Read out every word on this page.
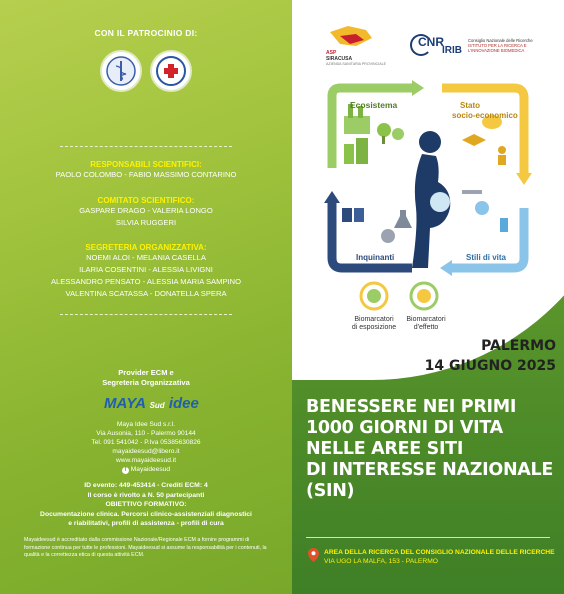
CON IL PATROCINIO DI:
RESPONSABILI SCIENTIFICI:
PAOLO COLOMBO - FABIO MASSIMO CONTARINO
COMITATO SCIENTIFICO:
GASPARE DRAGO - VALERIA LONGO
SILVIA RUGGERI
SEGRETERIA ORGANIZZATIVA:
NOEMI ALOI - MELANIA CASELLA
ILARIA COSENTINI - ALESSIA LIVIGNI
ALESSANDRO PENSATO - ALESSIA MARIA SAMPINO
VALENTINA SCATASSA - DONATELLA SPERA
Provider ECM e
Segreteria Organizzativa
MAYA Sud idee
Maya Idee Sud s.r.l.
Via Ausonia, 110 - Palermo 90144
Tel. 091 541042 - P.Iva 05385630826
mayaideesud@libero.it
www.mayaideesud.it
f Mayaideesud
ID evento: 449-453414 - Crediti ECM: 4
Il corso è rivolto a N. 50 partecipanti
OBIETTIVO FORMATIVO:
Documentazione clinica. Percorsi clinico-assistenziali diagnostici
e riabilitativi, profili di assistenza - profili di cura
Mayaideesud è accreditato dalla commissione Nazionale/Regionale ECM a fornire programmi di formazione continua per tutte le professioni. Mayaideesud si assume la responsabilità per i contenuti, la qualità e la correttezza etica di questa attività ECM.
ASP
SIRACUSA
AZIENDA SANITARIA PROVINCIALE
CNR
IRIB
Consiglio Nazionale delle Ricerche
ISTITUTO PER LA RICERCA E
L'INNOVAZIONE BIOMEDICA
Ecosistema	Stato
socio-economico
Inquinanti	Stili di vita
Biomarcatori
di esposizione
Biomarcatori
d'effetto
PALERMO
14 GIUGNO 2025
BENESSERE NEI PRIMI
1000 GIORNI DI VITA
NELLE AREE SITI
DI INTERESSE NAZIONALE
(SIN)
AREA DELLA RICERCA DEL CONSIGLIO NAZIONALE DELLE RICERCHE
VIA UGO LA MALFA, 153 - PALERMO
